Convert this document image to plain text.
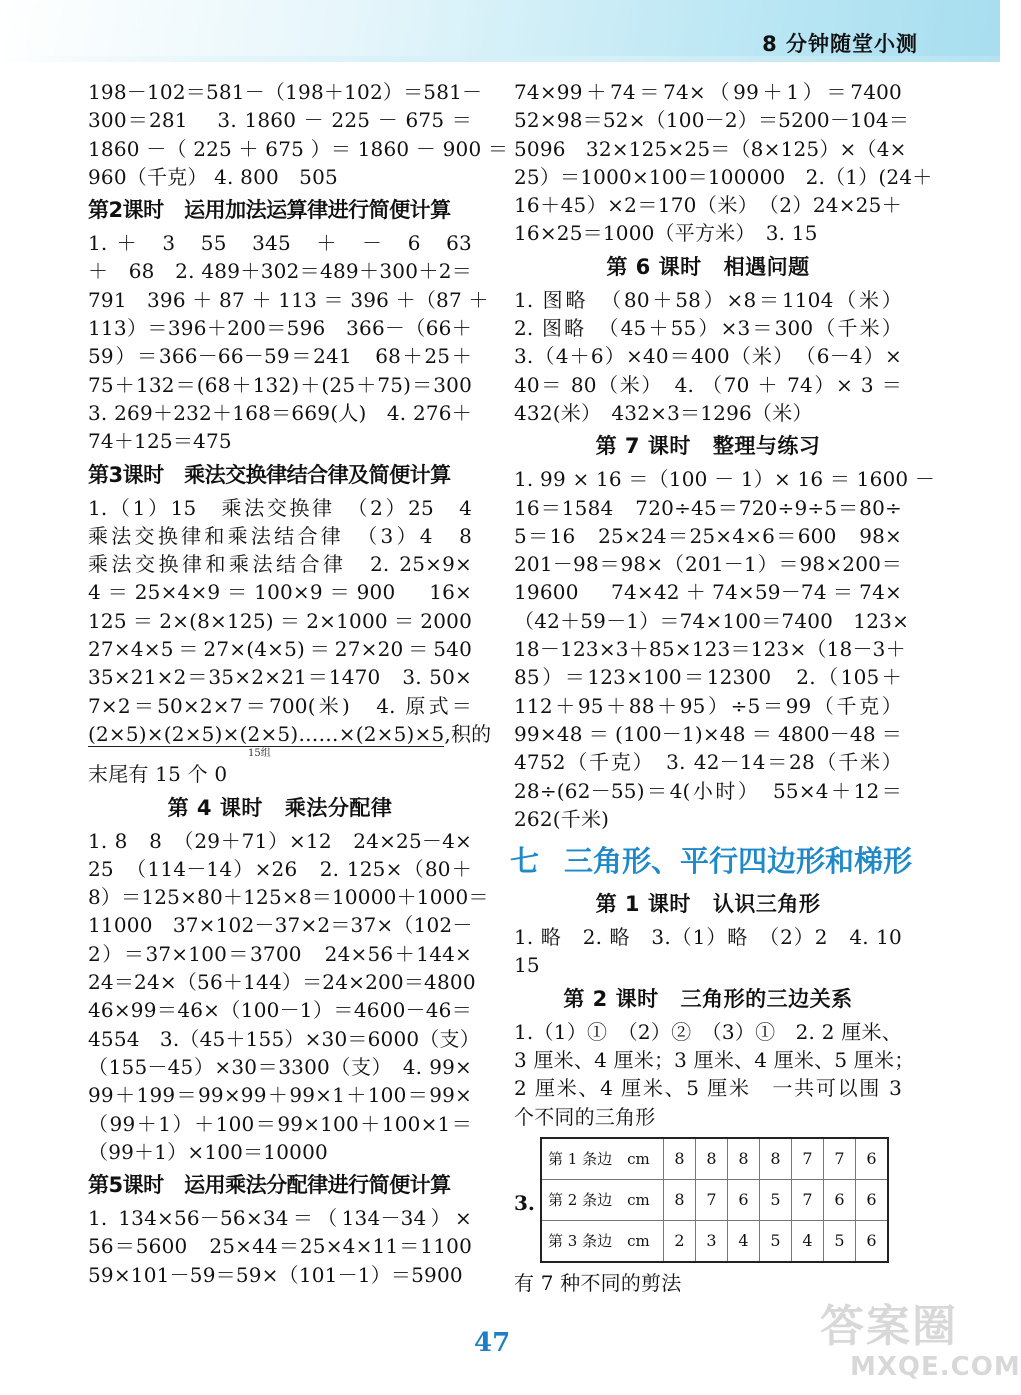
8 分钟随堂小测
198－102＝581－（198＋102）＝581－
300＝281　 3. 1860 － 225 － 675 ＝
1860 －（ 225 ＋ 675 ）＝ 1860 － 900 ＝
960（千克） 4. 800　505
第2课时　运用加法运算律进行简便计算
1. ＋　3　55　345　＋　－　6　63
＋　68　2. 489＋302＝489＋300＋2＝
791　396 ＋ 87 ＋ 113 ＝ 396 ＋（87 ＋
113）＝396＋200＝596　366－（66＋
59）＝366－66－59＝241　68＋25＋
75＋132＝(68＋132)＋(25＋75)＝300
3. 269＋232＋168＝669(人)　4. 276＋
74＋125＝475
第3课时　乘法交换律结合律及简便计算
1.（1）15　乘法交换律　（2）25　4
乘法交换律和乘法结合律　（3）4　8
乘法交换律和乘法结合律　2. 25×9×
4＝25×4×9＝100×9＝900　16×
125＝2×(8×125)＝2×1000＝2000
27×4×5＝27×(4×5)＝27×20＝540
35×21×2＝35×2×21＝1470　3. 50×
7×2＝50×2×7＝700(米)　4. 原式＝
(2×5)×(2×5)×(2×5)……×(2×5)×5,积的
15组
末尾有 15 个 0
第 4 课时 乘法分配律
1. 8　8　（29＋71）×12　24×25－4×
25　（114－14）×26　2. 125×（80＋
8）＝125×80＋125×8＝10000＋1000＝
11000　37×102－37×2＝37×（102－
2）＝37×100＝3700　24×56＋144×
24＝24×（56＋144）＝24×200＝4800
46×99＝46×（100－1）＝4600－46＝
4554　3.（45＋155）×30＝6000（支）
（155－45）×30＝3300（支）　4. 99×
99＋199＝99×99＋99×1＋100＝99×
（99＋1）＋100＝99×100＋100×1＝
（99＋1）×100＝10000
第5课时　运用乘法分配律进行简便计算
1. 134×56－56×34＝（134－34）×
56＝5600　25×44＝25×4×11＝1100
59×101－59＝59×（101－1）＝5900
74×99＋74＝74×（99＋1）＝7400
52×98＝52×（100－2）＝5200－104＝
5096　32×125×25＝（8×125）×（4×
25）＝1000×100＝100000　2.（1）(24＋
16＋45）×2＝170（米）　（2）24×25＋
16×25＝1000（平方米）　3. 15
第 6 课时 相遇问题
1. 图略　（80＋58）×8＝1104（米）
2. 图略　（45＋55）×3＝300（千米）
3.（4＋6）×40＝400（米）　（6－4）×
40＝ 80（米）　4. （70 ＋ 74）× 3 ＝
432(米）　432×3＝1296（米）
第 7 课时 整理与练习
1. 99 × 16 ＝（100 － 1）× 16 ＝ 1600 －
16＝1584　720÷45＝720÷9÷5＝80÷
5＝16　25×24＝25×4×6＝600　98×
201－98＝98×（201－1）＝98×200＝
19600　74×42＋74×59－74＝74×
（42＋59－1）＝74×100＝7400　123×
18－123×3＋85×123＝123×（18－3＋
85）＝123×100＝12300　2.（105＋
112＋95＋88＋95）÷5＝99（千克）
99×48＝(100－1)×48＝4800－48＝
4752（千克）　3. 42－14＝28（千米）
28÷(62－55)＝4(小时）　55×4＋12＝
262(千米)
七 三角形、平行四边形和梯形
第 1 课时 认识三角形
1. 略　2. 略　3.（1）略　（2）2　4. 10
15
第 2 课时 三角形的三边关系
1.（1）①　（2）②　（3）①　2. 2 厘米、
3 厘米、4 厘米；3 厘米、4 厘米、5 厘米；
2 厘米、4 厘米、5 厘米　一共可以围 3
个不同的三角形
3.
第 1 条边　cm	8	8	8	8	7	7	6
第 2 条边　cm	8	7	6	5	7	6	6
第 3 条边　cm	2	3	4	5	4	5	6
有 7 种不同的剪法
47	答案圈
MXQE.COM
